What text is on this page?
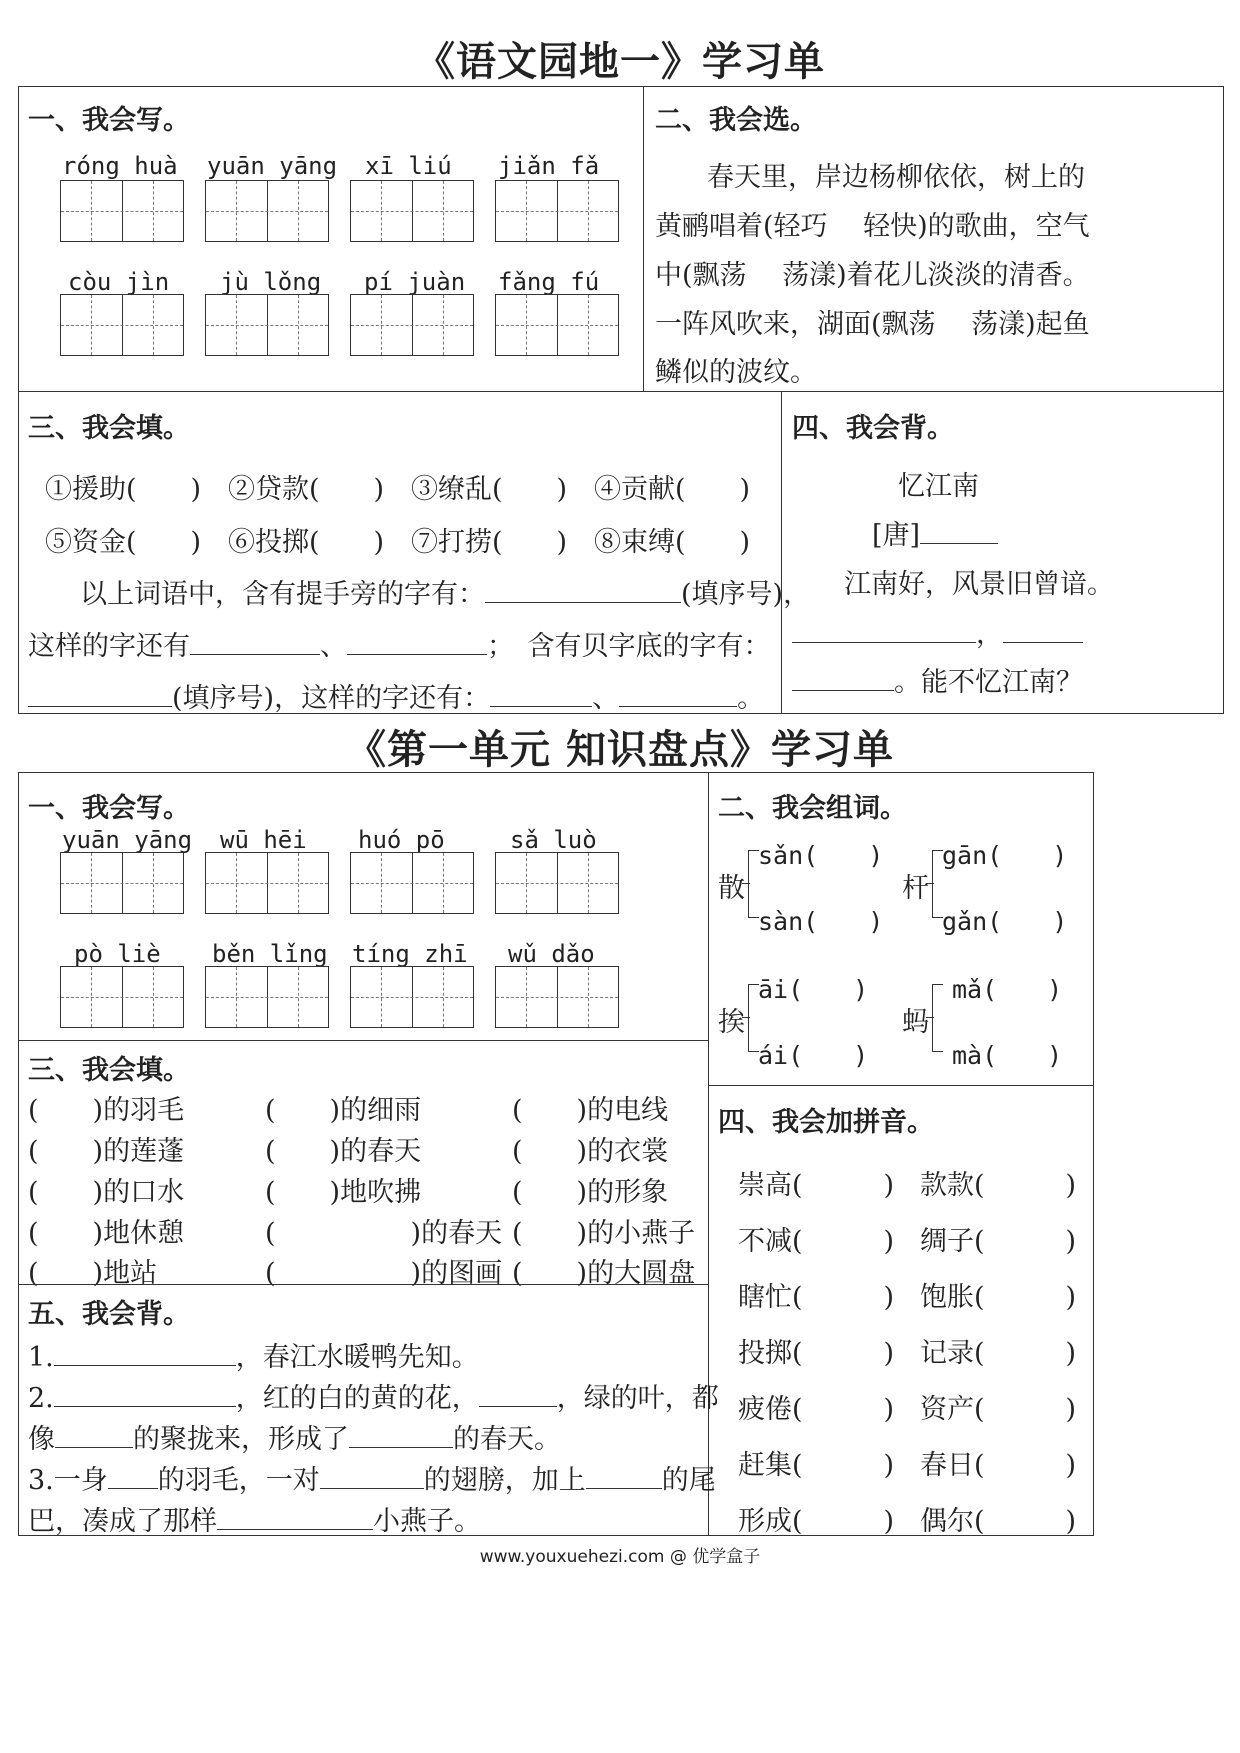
《语文园地一》学习单
一、我会写。
róng huà yuān yāng xī liú jiǎn fǎ
còu jìn jù lǒng pí juàn fǎng fú
二、我会选。
春天里，岸边杨柳依依，树上的
黄鹂唱着(轻巧　 轻快)的歌曲，空气
中(飘荡　 荡漾)着花儿淡淡的清香。
一阵风吹来，湖面(飘荡　 荡漾)起鱼
鳞似的波纹。
三、我会填。
①援助(　　) ②贷款(　　) ③缭乱(　　) ④贡献(　　)
⑤资金(　　) ⑥投掷(　　) ⑦打捞(　　) ⑧束缚(　　)
以上词语中，含有提手旁的字有：	(填序号)，
这样的字还有	、	；　含有贝字底的字有：
(填序号)，这样的字还有：	、	。
四、我会背。
忆江南
[唐]
江南好，风景旧曾谙。
，
。能不忆江南？
《第一单元 知识盘点》学习单
一、我会写。
yuān yāng wū hēi huó pō	sǎ luò
pò liè běn lǐng tíng zhī wǔ dǎo
二、我会组词。
散
sǎn(　　)
sàn(　　)
杆
gān(　　)
gǎn(　　)
挨
āi(　　)
ái(　　)
蚂
mǎ(　　)
mà(　　)
三、我会填。
(　　)的羽毛	(　　)的细雨	(　　)的电线
(　　)的莲蓬	(　　)的春天	(　　)的衣裳
(　　)的口水	(　　)地吹拂	(　　)的形象
(　　)地休憩	(　　　　　)的春天 (　　)的小燕子
(　　)地站	(　　　　　)的图画 (　　)的大圆盘
四、我会加拼音。
崇高(　　　) 款款(　　　)
不减(　　　) 绸子(　　　)
瞎忙(　　　) 饱胀(　　　)
投掷(　　　) 记录(　　　)
疲倦(　　　) 资产(　　　)
赶集(　　　) 春日(　　　)
形成(　　　) 偶尔(　　　)
五、我会背。
1.	，春江水暖鸭先知。
2.	，红的白的黄的花，	，绿的叶，都
像	的聚拢来，形成了	的春天。
3.一身 的羽毛，一对	的翅膀，加上	的尾
巴，凑成了那样	小燕子。
www.youxuehezi.com @ 优学盒子
